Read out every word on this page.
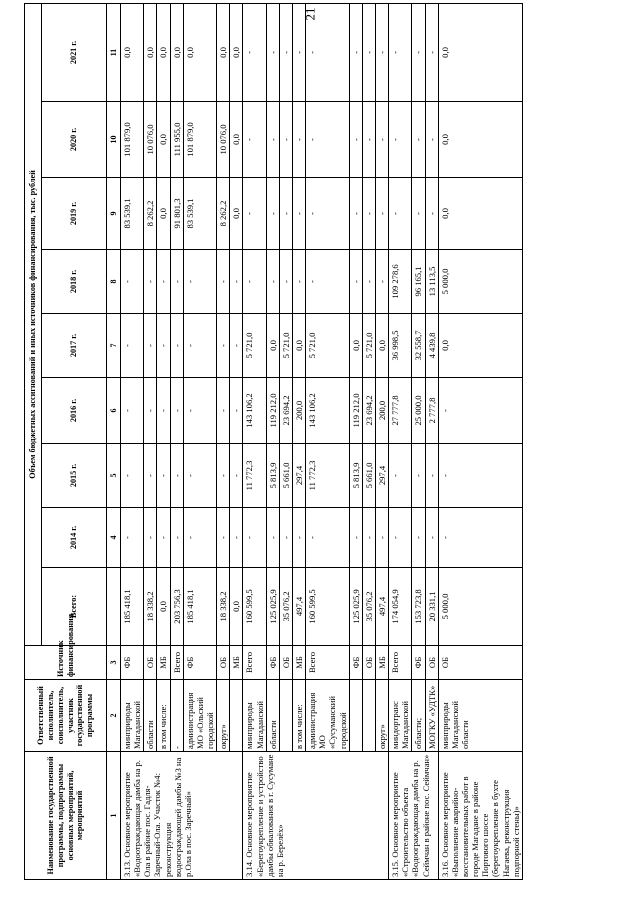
21
Наименование государственной программы, подпрограммы основных мероприятий, мероприятий	Ответственный исполнитель, соисполнитель, участник государственной программы	Источник финансирования	Объем бюджетных ассигнований и иных источников финансирования, тыс. рублей								
			Всего:	2014 г.	2015 г.	2016 г.	2017 г.	2018 г.	2019 г.	2020 г.	2021 г.
1	2	3		4	5	6	7	8	9	10	11
3.13. Основное мероприятие «Водоотраждающая дамба на р. Ола в районе пос. Гадля-Заречный-Ола. Участок №4: реконструкция водоограждающей дамбы №3 на р.Ола в пос. Заречный»	минприроды Магаданской	ФБ	185 418,1	-	-	-	-	-	83 539,1	101 879,0	0,0
	области	ОБ	18 338,2	-	-	-	-	-	8 262,2	10 076,0	0,0
	в том числе:	МБ	0,0	-	-	-	-	-	0,0	0,0	0,0
	-	Всего	203 756,3	-	-	-	-	-	91 801,3	111 955,0	0,0
	администрация МО «Ольский городской	ФБ	185 418,1	-	-	-	-	-	83 539,1	101 879,0	0,0
	округ»	ОБ	18 338,2	-	-	-	-	-	8 262,2	10 076,0	0,0
		МБ	0,0	-	-	-	-	-	0,0	0,0	0,0
3.14. Основное мероприятие «Берегоукрепление и устройство дамбы обвалования в г. Сусумане на р. Берелёх»	минприроды Магаданской	Всего	160 599,5	-	11 772,3	143 106,2	5 721,0	-	-	-	-
	области	ФБ	125 025,9	-	5 813,9	119 212,0	0,0	-	-	-	-
		ОБ	35 076,2	-	5 661,0	23 694,2	5 721,0	-	-	-	-
	в том числе:	МБ	497,4	-	297,4	200,0	0,0	-	-	-	-
	администрация МО «Сусуманский городской	Всего	160 599,5	-	11 772,3	143 106,2	5 721,0	-	-	-	-
		ФБ	125 025,9	-	5 813,9	119 212,0	0,0	-	-	-	-
		ОБ	35 076,2	-	5 661,0	23 694,2	5 721,0	-	-	-	-
	округ»	МБ	497,4	-	297,4	200,0	0,0	-	-	-	-
3.15. Основное мероприятие «Строительство объекта «Водоограждающая дамба на р. Сеймчан в районе пос. Сеймчан»	миндортранс Магаданской	Всего	174 054,9	-	-	27 777,8	36 998,5	109 278,6	-	-	-
	области;	ФБ	153 723,8	-	-	25 000,0	32 558,7	96 165,1	-	-	-
	МОГКУ «УДТК»	ОБ	20 331,1	-	-	2 777,8	4 439,8	13 113,5	-	-	-
3.16. Основное мероприятие «Выполнение аварийно-восстановительных работ в городе Магадане в районе Портового шоссе (берегоукрепление в бухте Нагаева, реконструкция подпорной стены)»	минприроды Магаданской области	ОБ	5 000,0	-	-	-	0,0	5 000,0	0,0	0,0	0,0
